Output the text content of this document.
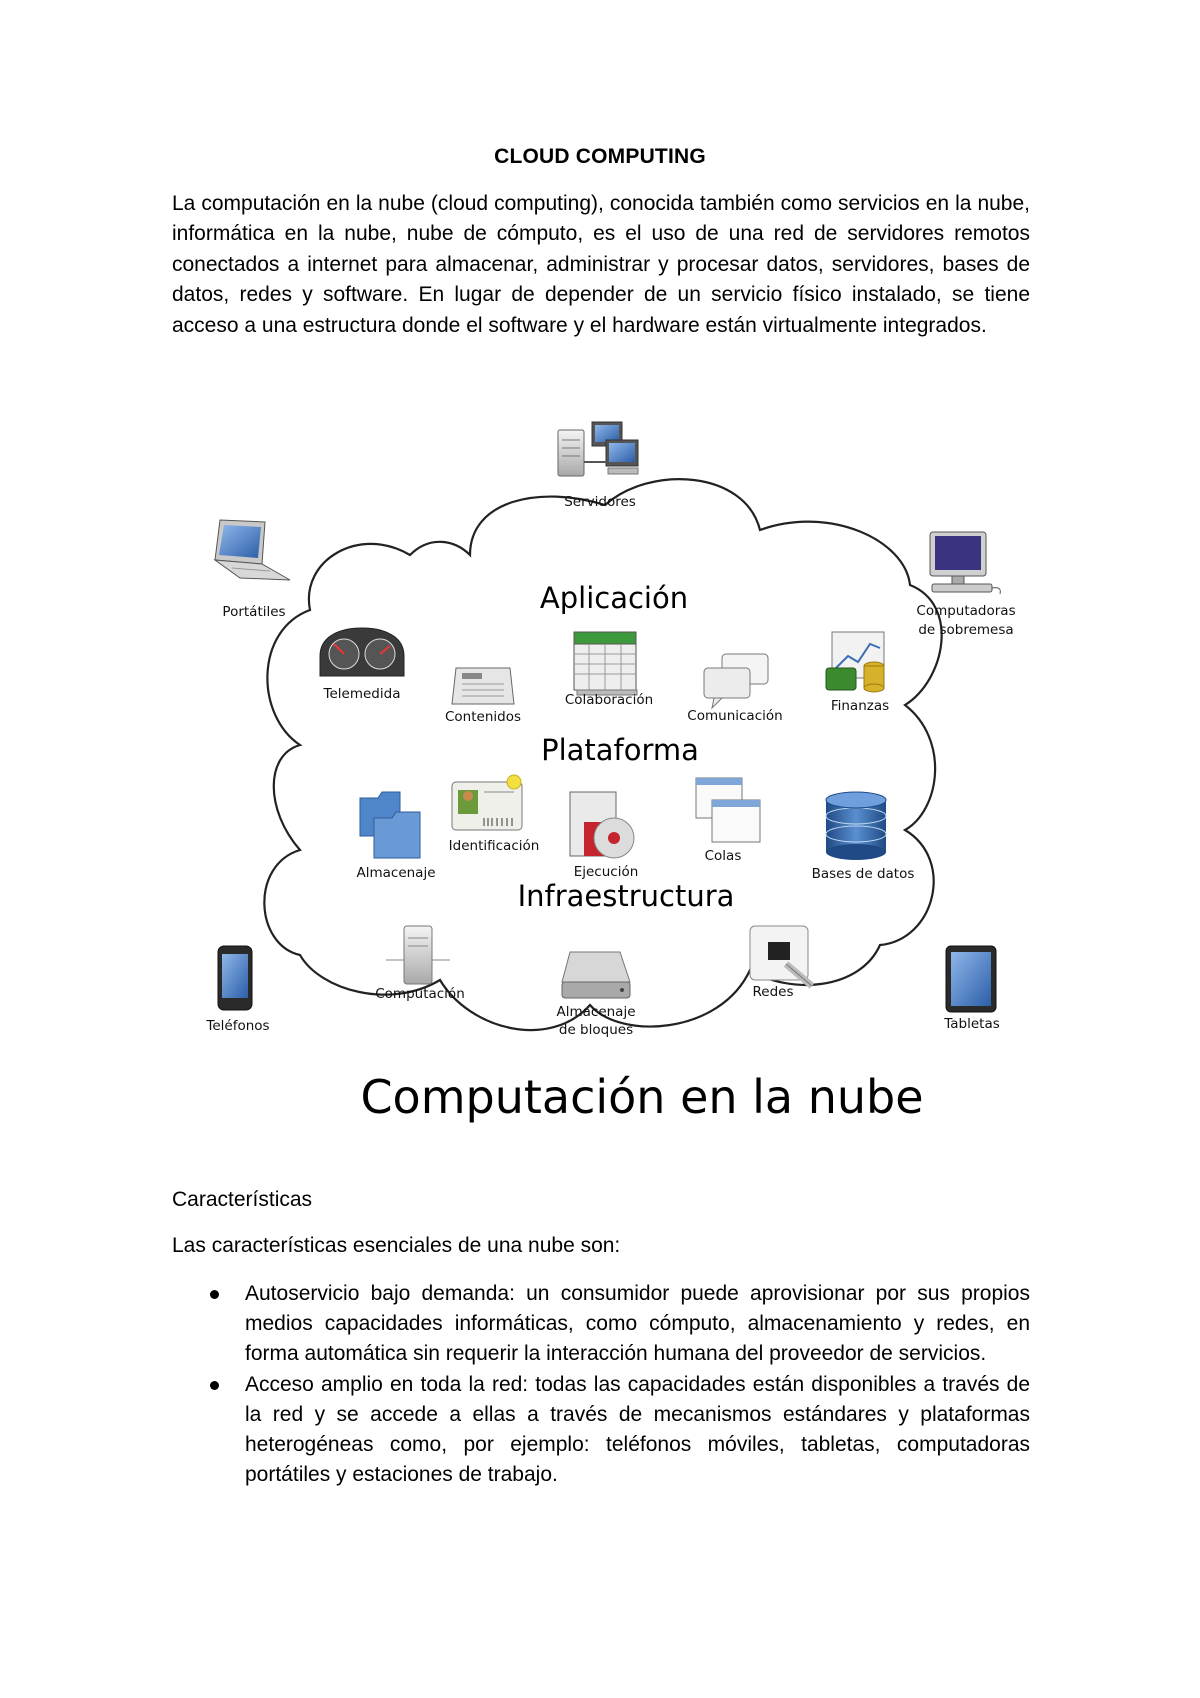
CLOUD COMPUTING
La computación en la nube (cloud computing), conocida también como servicios en la nube, informática en la nube, nube de cómputo, es el uso de una red de servidores remotos conectados a internet para almacenar, administrar y procesar datos, servidores, bases de datos, redes y software. En lugar de depender de un servicio físico instalado, se tiene acceso a una estructura donde el software y el hardware están virtualmente integrados.
Servidores
Portátiles	Computadoras
de sobremesa
Aplicación
Telemedida
Contenidos
Colaboración
Comunicación
Finanzas
Plataforma
Almacenaje
Identificación
Ejecución
Colas
Bases de datos
Infraestructura
Computación
Almacenaje
de bloques
Redes
Teléfonos	Tabletas
Computación en la nube
Características
Las características esenciales de una nube son:
Autoservicio bajo demanda: un consumidor puede aprovisionar por sus propios medios capacidades informáticas, como cómputo, almacenamiento y redes, en forma automática sin requerir la interacción humana del proveedor de servicios.
Acceso amplio en toda la red: todas las capacidades están disponibles a través de la red y se accede a ellas a través de mecanismos estándares y plataformas heterogéneas como, por ejemplo: teléfonos móviles, tabletas, computadoras portátiles y estaciones de trabajo.
